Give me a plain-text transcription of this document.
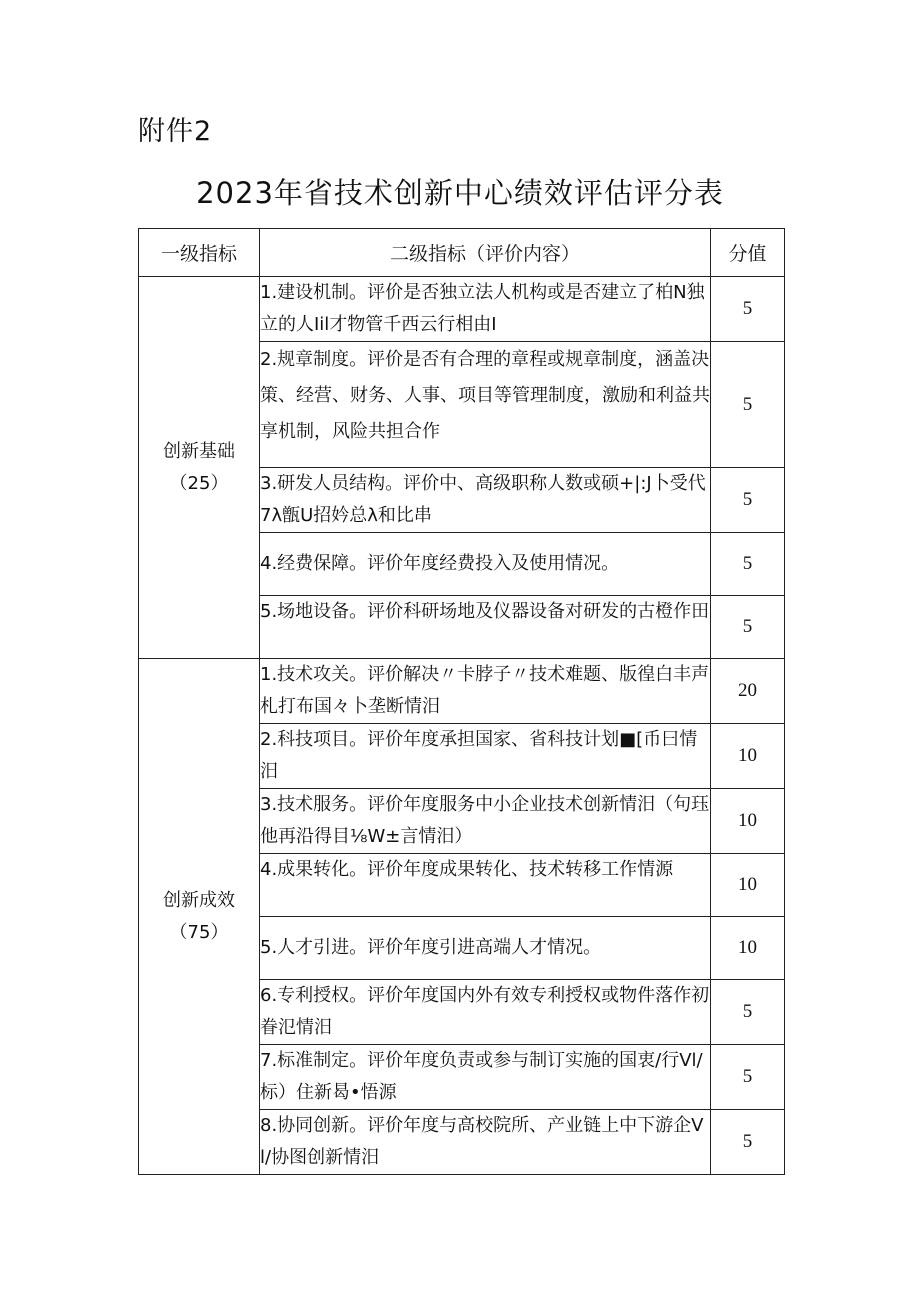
附件2
2023年省技术创新中心绩效评估评分表
一级指标	二级指标（评价内容）	分值
创新基础（25）	1.建设机制。评价是否独立法人机构或是否建立了柏N独立的人Iil才物管千西云行相由I	5

	2.规章制度。评价是否有合理的章程或规章制度，涵盖决策、经营、财务、人事、项目等管理制度，激励和利益共享机制，风险共担合作	5

	3.研发人员结构。评价中、高级职称人数或硕+|:J卜受代7λ甑U招妗总λ和比串	5

	4.经费保障。评价年度经费投入及使用情况。	5

	5.场地设备。评价科研场地及仪器设备对研发的古橙作田	5
创新成效（75）	1.技术攻关。评价解决〃卡脖子〃技术难题、版徨白丰声札打布国々卜垄断情汨	20

	2.科技项目。评价年度承担国家、省科技计划■[币曰情汨	10

	3.技术服务。评价年度服务中小企业技术创新情汨（句珏他再沿得目⅛W±言情汨）	10

	4.成果转化。评价年度成果转化、技术转移工作情源	10

	5.人才引进。评价年度引进高端人才情况。	10

	6.专利授权。评价年度国内外有效专利授权或物件落作初眷氾情汨	5

	7.标准制定。评价年度负责或参与制订实施的国衷/行Vl/标）住新曷•悟源	5

	8.协同创新。评价年度与高校院所、产业链上中下游企Vl/协图创新情汨	5
